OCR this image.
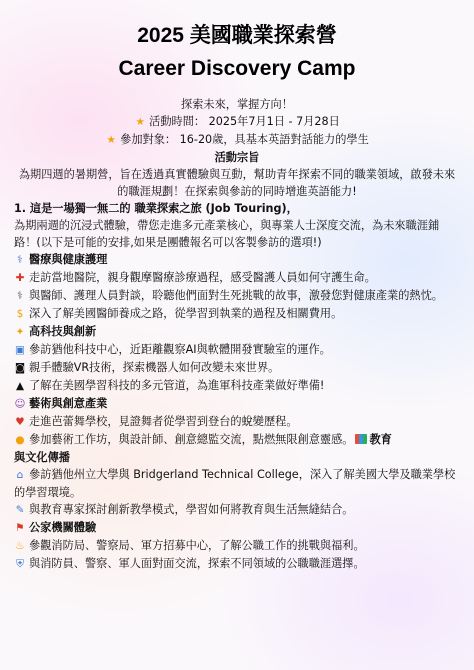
2025 美國職業探索營
Career Discovery Camp
探索未來，掌握方向！
★ 活動時間： 2025年7月1日 - 7月28日
★ 參加對象： 16-20歲，具基本英語對話能力的學生
活動宗旨

為期四週的暑期營，旨在透過真實體驗與互動，幫助青年探索不同的職業領域，啟發未來的職涯規劃！在探索與參訪的同時增進英語能力!

1. 這是一場獨一無二的 職業探索之旅 (Job Touring)，

為期兩週的沉浸式體驗，帶您走進多元產業核心，與專業人士深度交流，為未來職涯鋪路！(以下是可能的安排,如果是團體報名可以客製參訪的選項!)

⚕ 醫療與健康護理

✚ 走訪當地醫院，親身觀摩醫療診療過程，感受醫護人員如何守護生命。

⚕ 與醫師、護理人員對談，聆聽他們面對生死挑戰的故事，激發您對健康產業的熱忱。

$ 深入了解美國醫師養成之路，從學習到執業的過程及相關費用。

✦ 高科技與創新

▣ 參訪猶他科技中心，近距離觀察AI與軟體開發實驗室的運作。

◙ 親手體驗VR技術，探索機器人如何改變未來世界。

▲ 了解在美國學習科技的多元管道，為進軍科技產業做好準備!

☺ 藝術與創意產業

♥ 走進芭蕾舞學校，見證舞者從學習到登台的蛻變歷程。

● 參加藝術工作坊，與設計師、創意總監交流，點燃無限創意靈感。 教育

與文化傳播

⌂ 參訪猶他州立大學與 Bridgerland Technical College，深入了解美國大學及職業學校的學習環境。

✎ 與教育專家探討創新教學模式，學習如何將教育與生活無縫結合。

⚑ 公家機關體驗

♨ 參觀消防局、警察局、軍方招募中心，了解公職工作的挑戰與福利。

⛨ 與消防員、警察、軍人面對面交流，探索不同領域的公職職涯選擇。
